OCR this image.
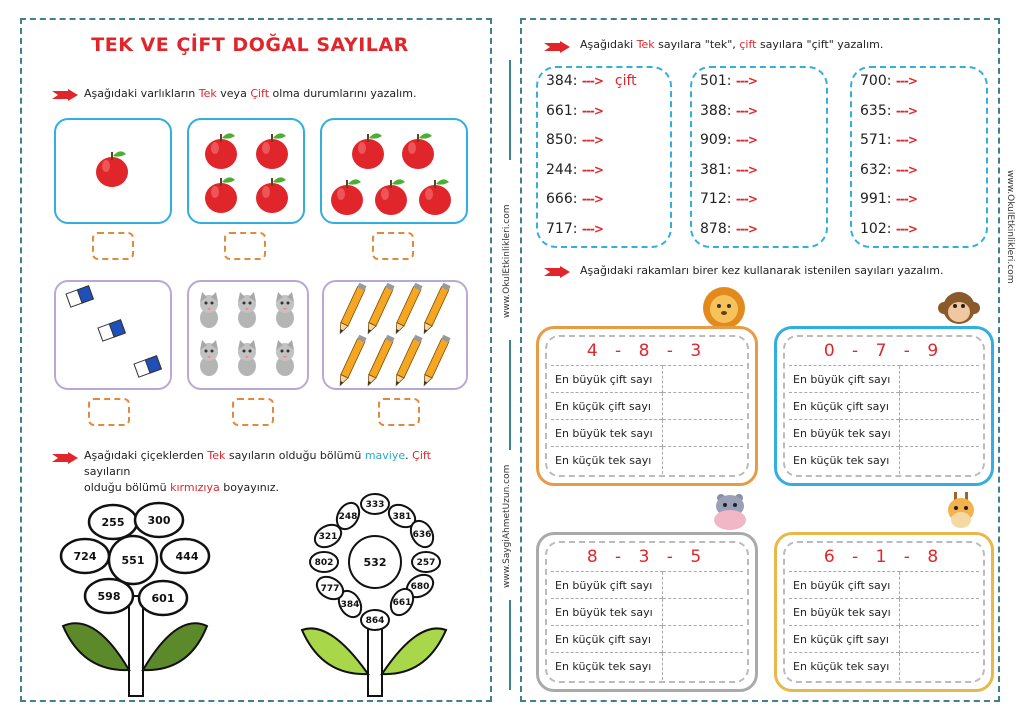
TEK VE ÇİFT DOĞAL SAYILAR
Aşağıdaki varlıkların Tek veya Çift olma durumlarını yazalım.
Aşağıdaki çiçeklerden Tek sayıların olduğu bölümü maviye. Çift sayıların
olduğu bölümü kırmızıya boyayınız.
255 300
444
601
598
724 551
333
381
636
257
680
661
864
384
777
802
321
248
532
www.OkulEtkinlikleri.com
www.SaygiAhmetUzun.com
www.OkulEtkinlikleri.com
Aşağıdaki Tek sayılara "tek", çift sayılara "çift" yazalım.
384: ---> çift
661: --->
850: --->
244: --->
666: --->
717: --->
501: --->
388: --->
909: --->
381: --->
712: --->
878: --->
700: --->
635: --->
571: --->
632: --->
991: --->
102: --->
Aşağıdaki rakamları birer kez kullanarak istenilen sayıları yazalım.
4 - 8 - 3
En büyük çift sayı	
En küçük çift sayı	
En büyük tek sayı	
En küçük tek sayı	
0 - 7 - 9
En büyük çift sayı	
En küçük çift sayı	
En büyük tek sayı	
En küçük tek sayı	
8 - 3 - 5
En büyük çift sayı	
En büyük tek sayı	
En küçük çift sayı	
En küçük tek sayı	
6 - 1 - 8
En büyük çift sayı	
En büyük tek sayı	
En küçük çift sayı	
En küçük tek sayı	
